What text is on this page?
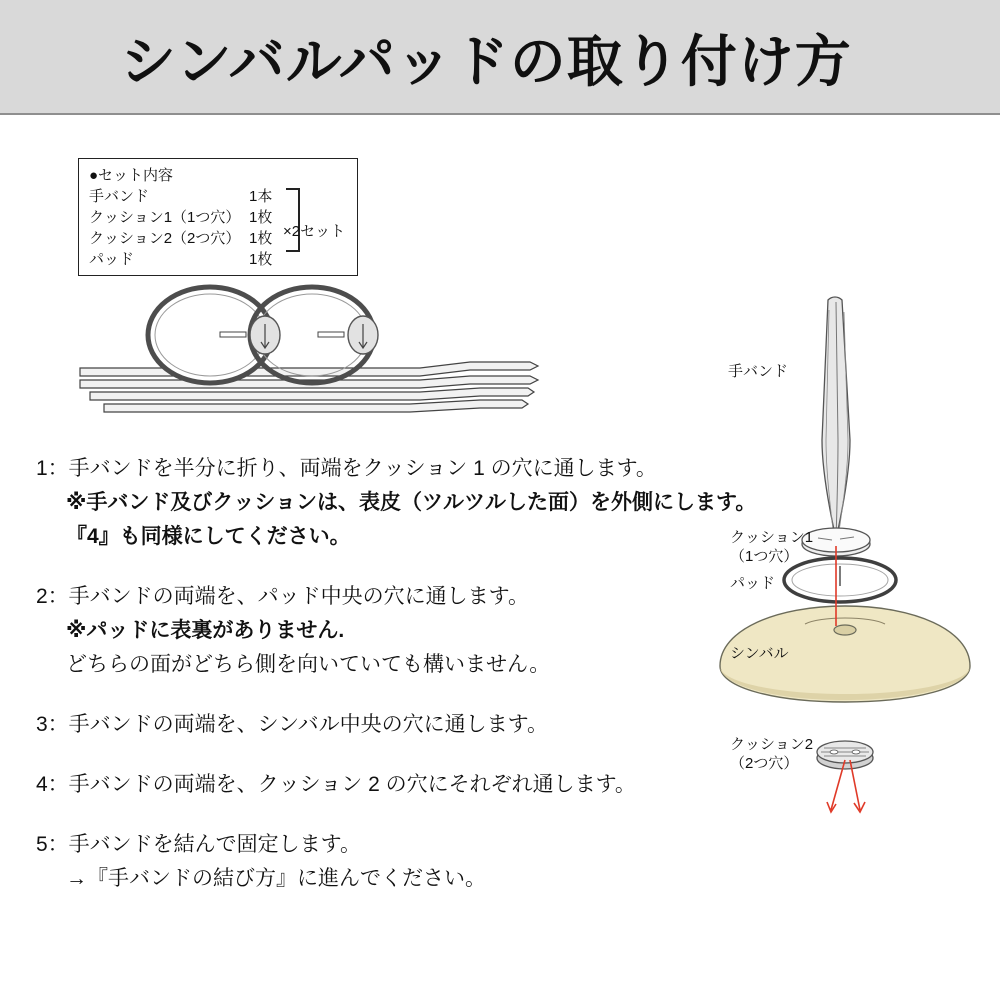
シンバルパッドの取り付け方
●セット内容
手バンド	1本
クッション1（1つ穴） 1枚
クッション2（2つ穴） 1枚
パッド	1枚
×2セット
1：手バンドを半分に折り、両端をクッション 1 の穴に通します。
※手バンド及びクッションは、表皮（ツルツルした面）を外側にします。
『4』も同様にしてください。
2：手バンドの両端を、パッド中央の穴に通します。
※パッドに表裏がありません.
どちらの面がどちら側を向いていても構いません。
3：手バンドの両端を、シンバル中央の穴に通します。
4：手バンドの両端を、クッション 2 の穴にそれぞれ通します。
5：手バンドを結んで固定します。
→『手バンドの結び方』に進んでください。
手バンド
クッション1
（1つ穴）
パッド
シンバル
クッション2
（2つ穴）
